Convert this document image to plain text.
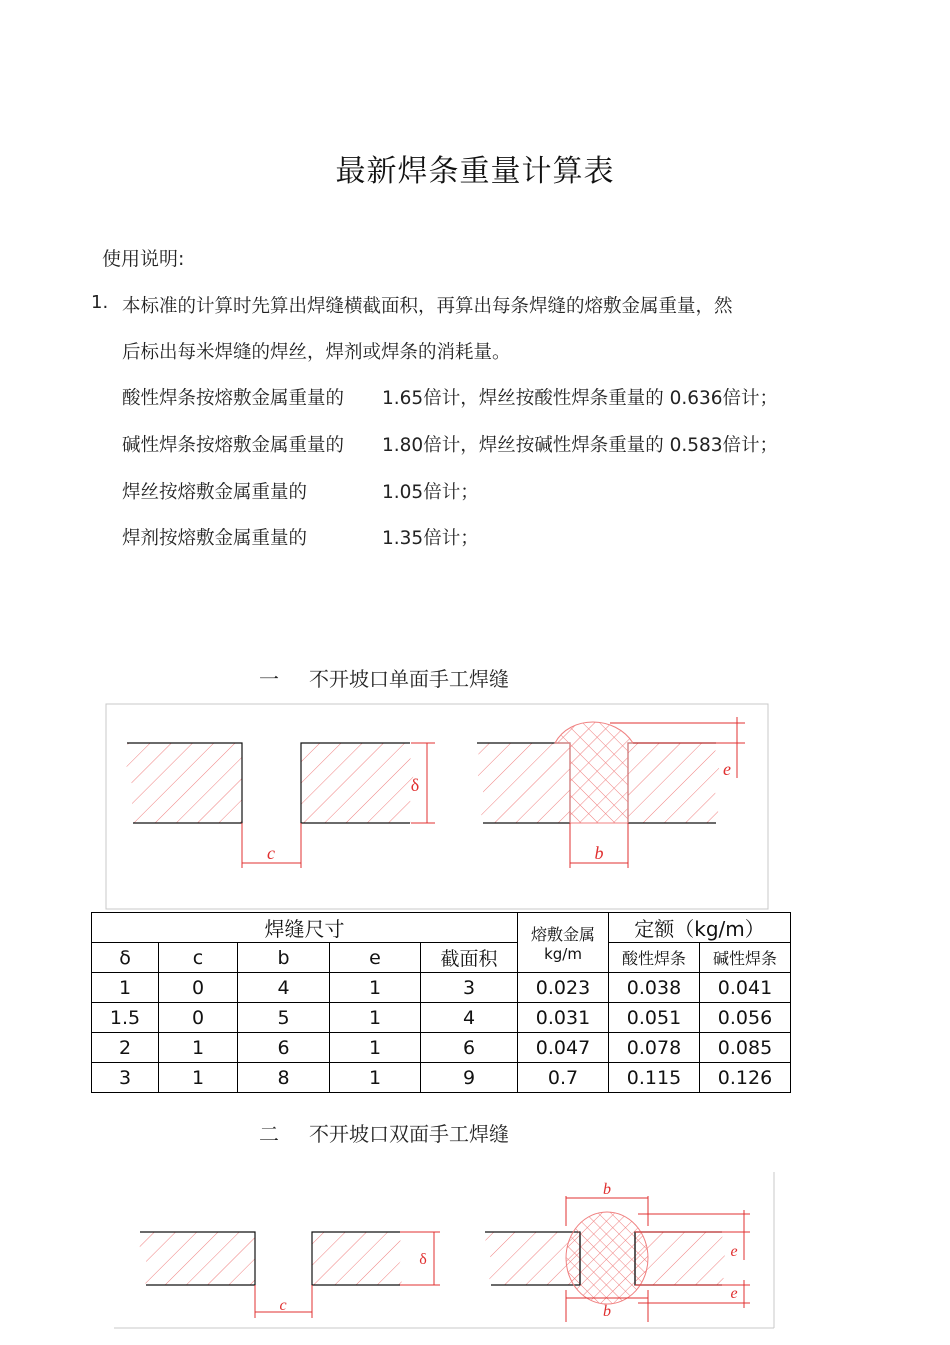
最新焊条重量计算表
使用说明:
1. 本标准的计算时先算出焊缝横截面积，再算出每条焊缝的熔敷金属重量，然
后标出每米焊缝的焊丝，焊剂或焊条的消耗量。
酸性焊条按熔敷金属重量的 1.65倍计，焊丝按酸性焊条重量的 0.636倍计；
碱性焊条按熔敷金属重量的 1.80倍计，焊丝按碱性焊条重量的 0.583倍计；
焊丝按熔敷金属重量的	1.05倍计；
焊剂按熔敷金属重量的	1.35倍计；
一 不开坡口单面手工焊缝
c
δ
e
b
焊缝尺寸					熔敷金属
kg/m	定额（kg/m）	
δ	c	b	e	截面积		酸性焊条	碱性焊条
1	0	4	1	3	0.023	0.038	0.041
1.5	0	5	1	4	0.031	0.051	0.056
2	1	6	1	6	0.047	0.078	0.085
3	1	8	1	9	0.7	0.115	0.126
二 不开坡口双面手工焊缝
c
δ
b
b
e
e
